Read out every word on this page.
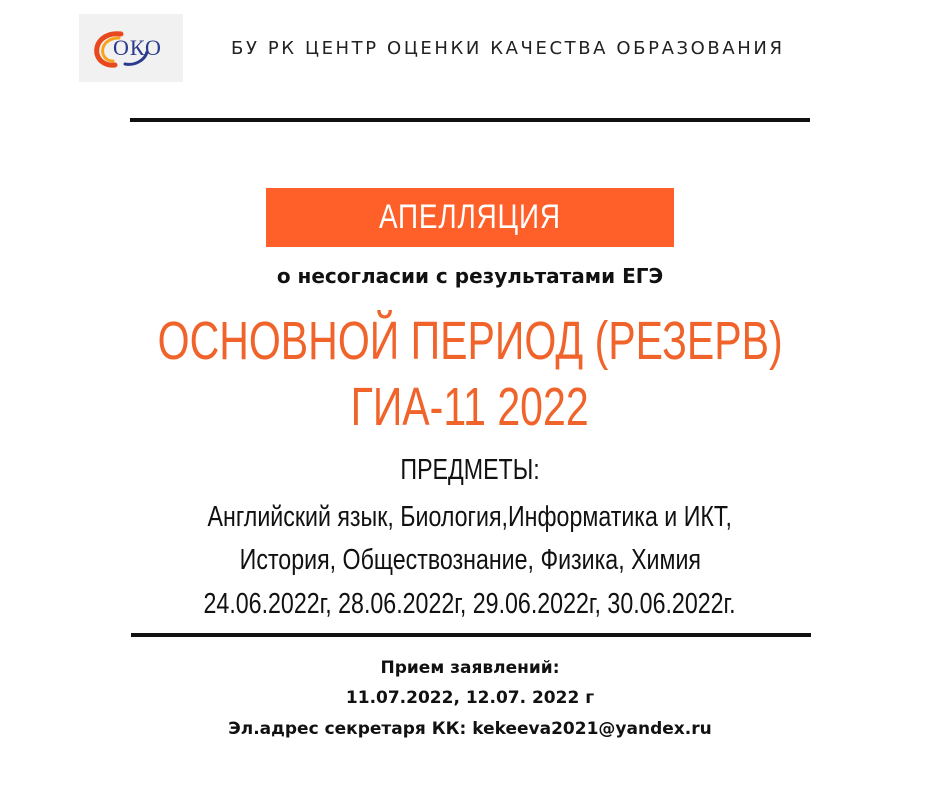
ОКО	БУ РК ЦЕНТР ОЦЕНКИ КАЧЕСТВА ОБРАЗОВАНИЯ
АПЕЛЛЯЦИЯ
о несогласии с результатами ЕГЭ
ОСНОВНОЙ ПЕРИОД (РЕЗЕРВ)
ГИА-11 2022
ПРЕДМЕТЫ:
Английский язык, Биология,Информатика и ИКТ,
История, Обществознание, Физика, Химия
24.06.2022г, 28.06.2022г, 29.06.2022г, 30.06.2022г.
Прием заявлений:
11.07.2022, 12.07. 2022 г
Эл.адрес секретаря КК: kekeeva2021@yandex.ru
